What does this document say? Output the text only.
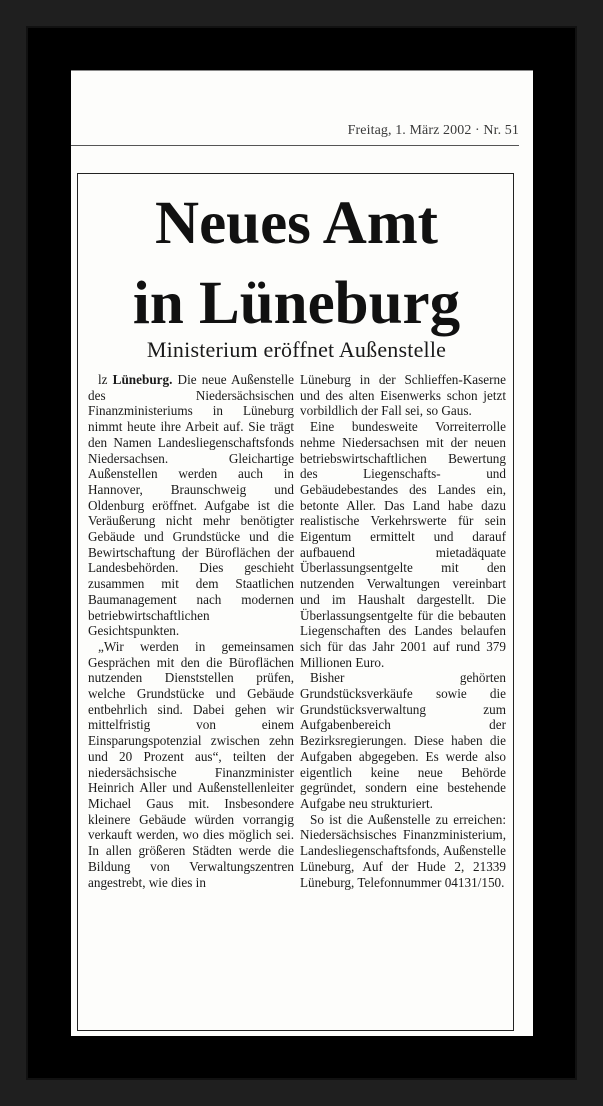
Freitag, 1. März 2002 · Nr. 51
Neues Amt
in Lüneburg
Ministerium eröffnet Außenstelle

lz Lüneburg. Die neue Außenstelle des Niedersächsischen Finanzministeriums in Lüneburg nimmt heute ihre Arbeit auf. Sie trägt den Namen Landesliegenschaftsfonds Niedersachsen. Gleichartige Außenstellen werden auch in Hannover, Braunschweig und Oldenburg eröffnet. Aufgabe ist die Veräußerung nicht mehr benötigter Gebäude und Grundstücke und die Bewirtschaftung der Büroflächen der Landesbehörden. Dies geschieht zusammen mit dem Staatlichen Baumanagement nach modernen betriebwirtschaftlichen Gesichtspunkten.

„Wir werden in gemeinsamen Gesprächen mit den die Büroflächen nutzenden Dienststellen prüfen, welche Grundstücke und Gebäude entbehrlich sind. Dabei gehen wir mittelfristig von einem Einsparungspotenzial zwischen zehn und 20 Prozent aus“, teilten der niedersächsische Finanzminister Heinrich Aller und Außenstellenleiter Michael Gaus mit. Insbesondere kleinere Gebäude würden vorrangig verkauft werden, wo dies möglich sei. In allen größeren Städten werde die Bildung von Verwaltungszentren angestrebt, wie dies in

Lüneburg in der Schlieffen-Kaserne und des alten Eisenwerks schon jetzt vorbildlich der Fall sei, so Gaus.

Eine bundesweite Vorreiterrolle nehme Niedersachsen mit der neuen betriebswirtschaftlichen Bewertung des Liegenschafts- und Gebäudebestandes des Landes ein, betonte Aller. Das Land habe dazu realistische Verkehrswerte für sein Eigentum ermittelt und darauf aufbauend mietadäquate Überlassungsentgelte mit den nutzenden Verwaltungen vereinbart und im Haushalt dargestellt. Die Überlassungsentgelte für die bebauten Liegenschaften des Landes belaufen sich für das Jahr 2001 auf rund 379 Millionen Euro.

Bisher gehörten Grundstücksverkäufe sowie die Grundstücksverwaltung zum Aufgabenbereich der Bezirksregierungen. Diese haben die Aufgaben abgegeben. Es werde also eigentlich keine neue Behörde gegründet, sondern eine bestehende Aufgabe neu strukturiert.

So ist die Außenstelle zu erreichen: Niedersächsisches Finanzministerium, Landesliegenschaftsfonds, Außenstelle Lüneburg, Auf der Hude 2, 21339 Lüneburg, Telefonnummer 04131/150.
